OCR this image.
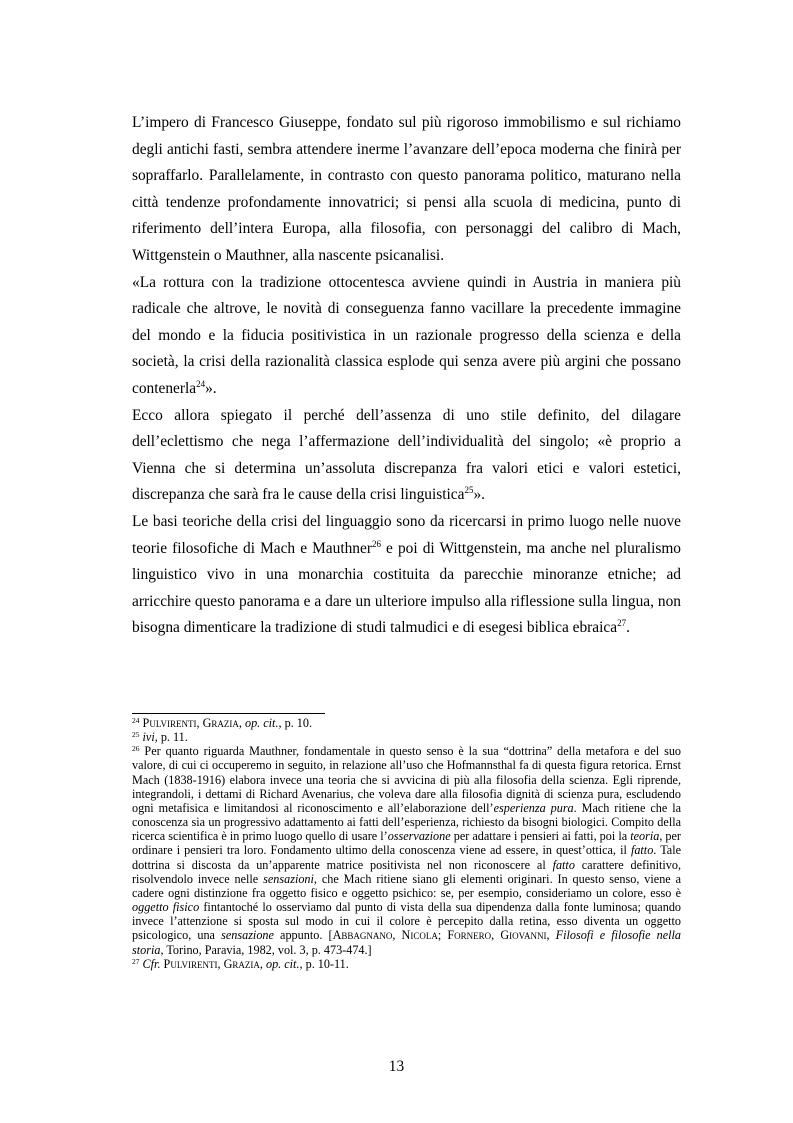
L’impero di Francesco Giuseppe, fondato sul più rigoroso immobilismo e sul richiamo degli antichi fasti, sembra attendere inerme l’avanzare dell’epoca moderna che finirà per sopraffarlo. Parallelamente, in contrasto con questo panorama politico, maturano nella città tendenze profondamente innovatrici; si pensi alla scuola di medicina, punto di riferimento dell’intera Europa, alla filosofia, con personaggi del calibro di Mach, Wittgenstein o Mauthner, alla nascente psicanalisi.

«La rottura con la tradizione ottocentesca avviene quindi in Austria in maniera più radicale che altrove, le novità di conseguenza fanno vacillare la precedente immagine del mondo e la fiducia positivistica in un razionale progresso della scienza e della società, la crisi della razionalità classica esplode qui senza avere più argini che possano contenerla$^{24}$».

Ecco allora spiegato il perché dell’assenza di uno stile definito, del dilagare dell’eclettismo che nega l’affermazione dell’individualità del singolo; «è proprio a Vienna che si determina un’assoluta discrepanza fra valori etici e valori estetici, discrepanza che sarà fra le cause della crisi linguistica$^{25}$».

Le basi teoriche della crisi del linguaggio sono da ricercarsi in primo luogo nelle nuove teorie filosofiche di Mach e Mauthner$^{26}$ e poi di Wittgenstein, ma anche nel pluralismo linguistico vivo in una monarchia costituita da parecchie minoranze etniche; ad arricchire questo panorama e a dare un ulteriore impulso alla riflessione sulla lingua, non bisogna dimenticare la tradizione di studi talmudici e di esegesi biblica ebraica$^{27}$.

$^{24}$ Pulvirenti, Grazia, op. cit., p. 10.

$^{25}$ ivi, p. 11.

$^{26}$ Per quanto riguarda Mauthner, fondamentale in questo senso è la sua “dottrina” della metafora e del suo valore, di cui ci occuperemo in seguito, in relazione all’uso che Hofmannsthal fa di questa figura retorica. Ernst Mach (1838-1916) elabora invece una teoria che si avvicina di più alla filosofia della scienza. Egli riprende, integrandoli, i dettami di Richard Avenarius, che voleva dare alla filosofia dignità di scienza pura, escludendo ogni metafisica e limitandosi al riconoscimento e all’elaborazione dell’esperienza pura. Mach ritiene che la conoscenza sia un progressivo adattamento ai fatti dell’esperienza, richiesto da bisogni biologici. Compito della ricerca scientifica è in primo luogo quello di usare l’osservazione per adattare i pensieri ai fatti, poi la teoria, per ordinare i pensieri tra loro. Fondamento ultimo della conoscenza viene ad essere, in quest’ottica, il fatto. Tale dottrina si discosta da un’apparente matrice positivista nel non riconoscere al fatto carattere definitivo, risolvendolo invece nelle sensazioni, che Mach ritiene siano gli elementi originari. In questo senso, viene a cadere ogni distinzione fra oggetto fisico e oggetto psichico: se, per esempio, consideriamo un colore, esso è oggetto fisico fintantoché lo osserviamo dal punto di vista della sua dipendenza dalla fonte luminosa; quando invece l’attenzione si sposta sul modo in cui il colore è percepito dalla retina, esso diventa un oggetto psicologico, una sensazione appunto. [Abbagnano, Nicola; Fornero, Giovanni, Filosofi e filosofie nella storia, Torino, Paravia, 1982, vol. 3, p. 473-474.]

$^{27}$ Cfr. Pulvirenti, Grazia, op. cit., p. 10-11.

13
